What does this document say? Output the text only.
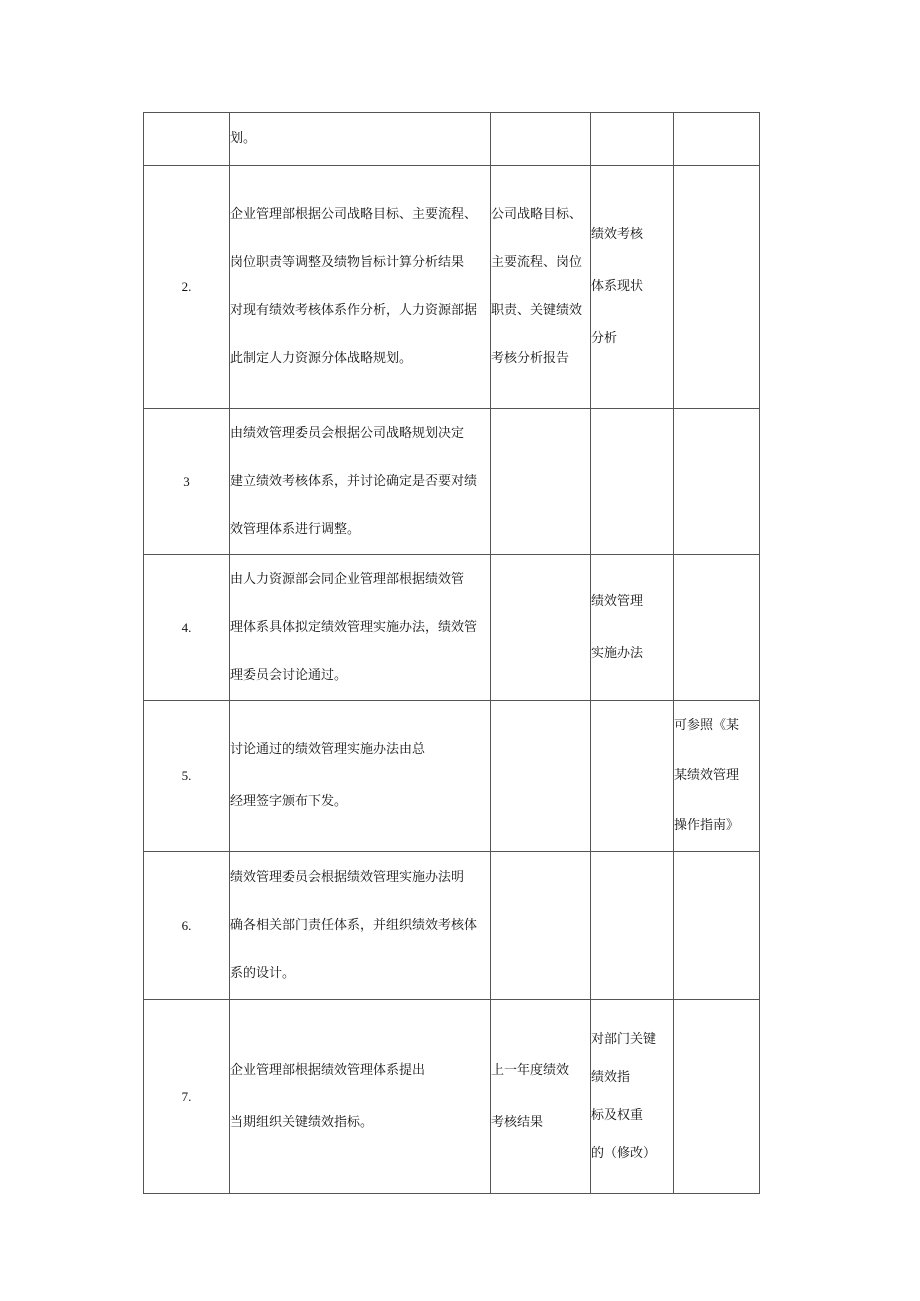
	划。			

2.	企业管理部根据公司战略目标、主要流程、
岗位职责等调整及绩物旨标计算分析结果
对现有绩效考核体系作分析，人力资源部据
此制定人力资源分体战略规划。	公司战略目标、
主要流程、岗位
职责、关键绩效
考核分析报告	绩效考核
体系现状
分析	

3	由绩效管理委员会根据公司战略规划决定
建立绩效考核体系，并讨论确定是否要对绩
效管理体系进行调整。			

4.	由人力资源部会同企业管理部根据绩效管
理体系具体拟定绩效管理实施办法，绩效管
理委员会讨论通过。		绩效管理
实施办法	

5.	讨论通过的绩效管理实施办法由总
经理签字颁布下发。			可参照《某
某绩效管理
操作指南》

6.	绩效管理委员会根据绩效管理实施办法明
确各相关部门责任体系，并组织绩效考核体
系的设计。			

7.	企业管理部根据绩效管理体系提出
当期组织关键绩效指标。	上一年度绩效
考核结果	对部门关键
绩效指
标及权重
的（修改）	
